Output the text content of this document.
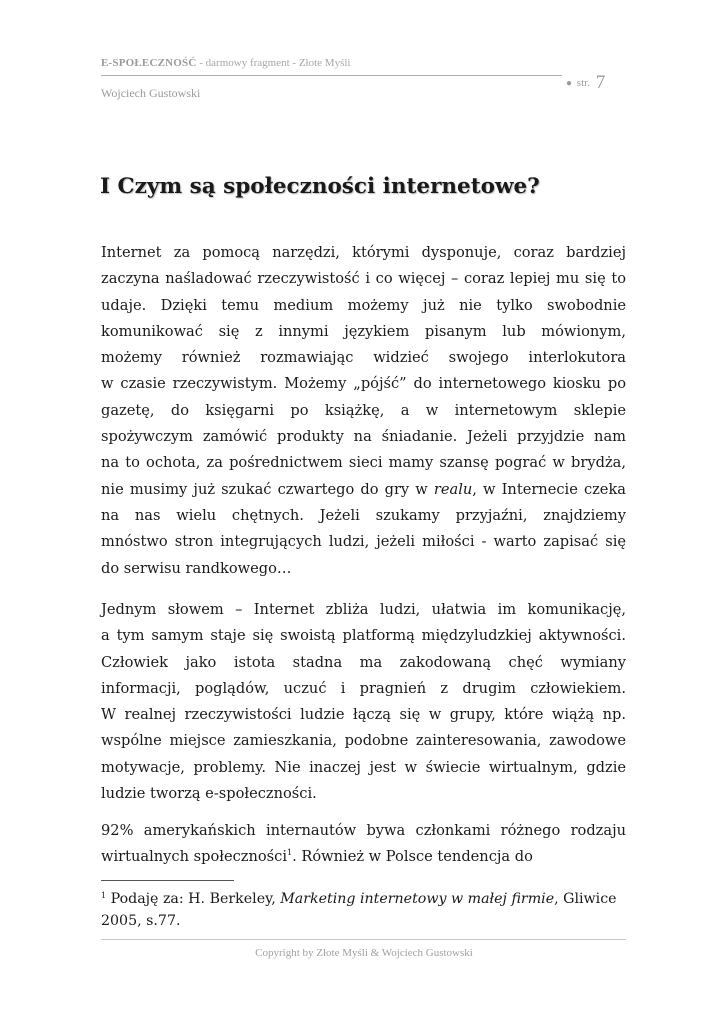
E-SPOŁECZNOŚĆ - darmowy fragment - Złote Myśli
Wojciech Gustowski
● str. 7
I Czym są społeczności internetowe?
Internet za pomocą narzędzi, którymi dysponuje, coraz bardziej
zaczyna naśladować rzeczywistość i co więcej – coraz lepiej mu się to
udaje. Dzięki temu medium możemy już nie tylko swobodnie
komunikować się z innymi językiem pisanym lub mówionym,
możemy również rozmawiając widzieć swojego interlokutora
w czasie rzeczywistym. Możemy „pójść” do internetowego kiosku po
gazetę, do księgarni po książkę, a w internetowym sklepie
spożywczym zamówić produkty na śniadanie. Jeżeli przyjdzie nam
na to ochota, za pośrednictwem sieci mamy szansę pograć w brydża,
nie musimy już szukać czwartego do gry w realu, w Internecie czeka
na nas wielu chętnych. Jeżeli szukamy przyjaźni, znajdziemy
mnóstwo stron integrujących ludzi, jeżeli miłości - warto zapisać się
do serwisu randkowego…
Jednym słowem – Internet zbliża ludzi, ułatwia im komunikację,
a tym samym staje się swoistą platformą międzyludzkiej aktywności.
Człowiek jako istota stadna ma zakodowaną chęć wymiany
informacji, poglądów, uczuć i pragnień z drugim człowiekiem.
W realnej rzeczywistości ludzie łączą się w grupy, które wiążą np.
wspólne miejsce zamieszkania, podobne zainteresowania, zawodowe
motywacje, problemy. Nie inaczej jest w świecie wirtualnym, gdzie
ludzie tworzą e-społeczności.
92% amerykańskich internautów bywa członkami różnego rodzaju
wirtualnych społeczności$^1$. Również w Polsce tendencja do
$^1$ Podaję za: H. Berkeley, Marketing internetowy w małej firmie, Gliwice 2005, s.77.
Copyright by Złote Myśli & Wojciech Gustowski
